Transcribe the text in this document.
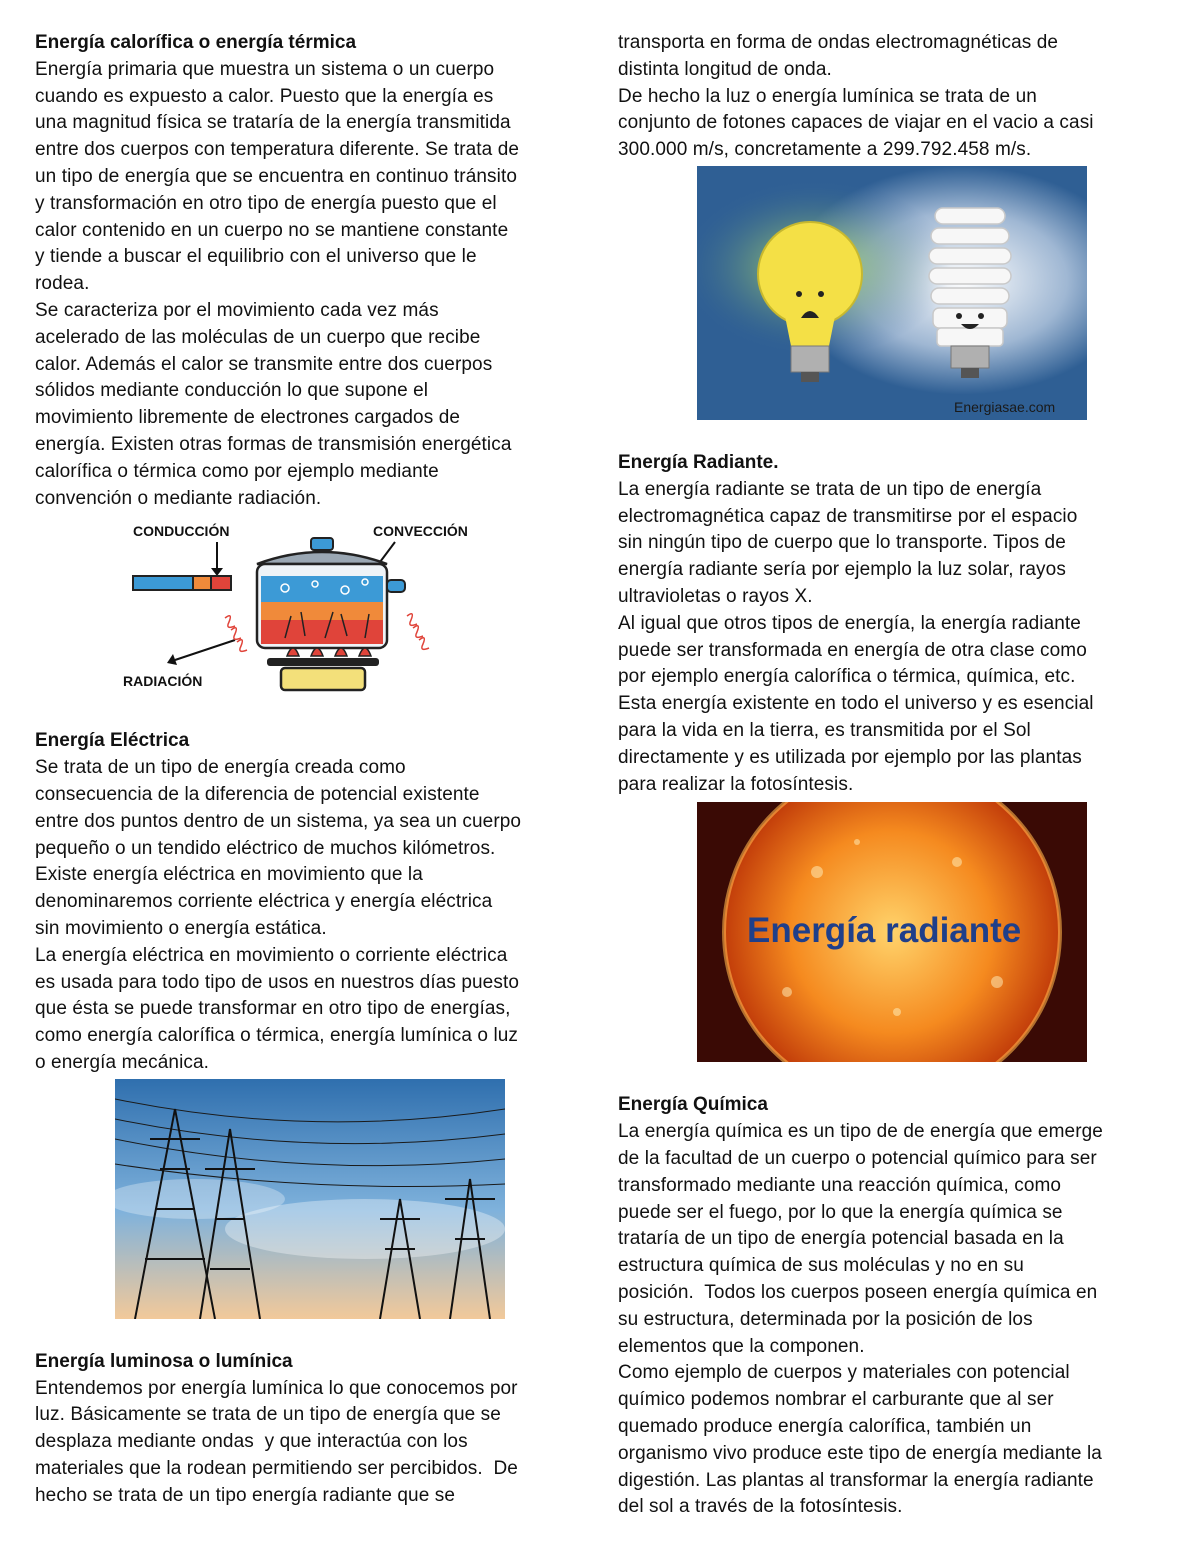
Energía calorífica o energía térmica

Energía primaria que muestra un sistema o un cuerpo
cuando es expuesto a calor. Puesto que la energía es
una magnitud física se trataría de la energía transmitida
entre dos cuerpos con temperatura diferente. Se trata de
un tipo de energía que se encuentra en continuo tránsito
y transformación en otro tipo de energía puesto que el
calor contenido en un cuerpo no se mantiene constante
y tiende a buscar el equilibrio con el universo que le
rodea.

Se caracteriza por el movimiento cada vez más
acelerado de las moléculas de un cuerpo que recibe
calor. Además el calor se transmite entre dos cuerpos
sólidos mediante conducción lo que supone el
movimiento libremente de electrones cargados de
energía. Existen otras formas de transmisión energética
calorífica o térmica como por ejemplo mediante
convención o mediante radiación.

CONDUCCIÓN	CONVECCIÓN
RADIACIÓN

Energía Eléctrica

Se trata de un tipo de energía creada como
consecuencia de la diferencia de potencial existente
entre dos puntos dentro de un sistema, ya sea un cuerpo
pequeño o un tendido eléctrico de muchos kilómetros.
Existe energía eléctrica en movimiento que la
denominaremos corriente eléctrica y energía eléctrica
sin movimiento o energía estática.

La energía eléctrica en movimiento o corriente eléctrica
es usada para todo tipo de usos en nuestros días puesto
que ésta se puede transformar en otro tipo de energías,
como energía calorífica o térmica, energía lumínica o luz
o energía mecánica.

Energía luminosa o lumínica

Entendemos por energía lumínica lo que conocemos por
luz. Básicamente se trata de un tipo de energía que se
desplaza mediante ondas  y que interactúa con los
materiales que la rodean permitiendo ser percibidos.  De
hecho se trata de un tipo energía radiante que se

transporta en forma de ondas electromagnéticas de
distinta longitud de onda.
De hecho la luz o energía lumínica se trata de un
conjunto de fotones capaces de viajar en el vacio a casi
300.000 m/s, concretamente a 299.792.458 m/s.

Energiasae.com

Energía Radiante.

La energía radiante se trata de un tipo de energía
electromagnética capaz de transmitirse por el espacio
sin ningún tipo de cuerpo que lo transporte. Tipos de
energía radiante sería por ejemplo la luz solar, rayos
ultravioletas o rayos X.

Al igual que otros tipos de energía, la energía radiante
puede ser transformada en energía de otra clase como
por ejemplo energía calorífica o térmica, química, etc.
Esta energía existente en todo el universo y es esencial
para la vida en la tierra, es transmitida por el Sol
directamente y es utilizada por ejemplo por las plantas
para realizar la fotosíntesis.

Energía radiante

Energía Química

La energía química es un tipo de de energía que emerge
de la facultad de un cuerpo o potencial químico para ser
transformado mediante una reacción química, como
puede ser el fuego, por lo que la energía química se
trataría de un tipo de energía potencial basada en la
estructura química de sus moléculas y no en su
posición.  Todos los cuerpos poseen energía química en
su estructura, determinada por la posición de los
elementos que la componen.

Como ejemplo de cuerpos y materiales con potencial
químico podemos nombrar el carburante que al ser
quemado produce energía calorífica, también un
organismo vivo produce este tipo de energía mediante la
digestión. Las plantas al transformar la energía radiante
del sol a través de la fotosíntesis.
